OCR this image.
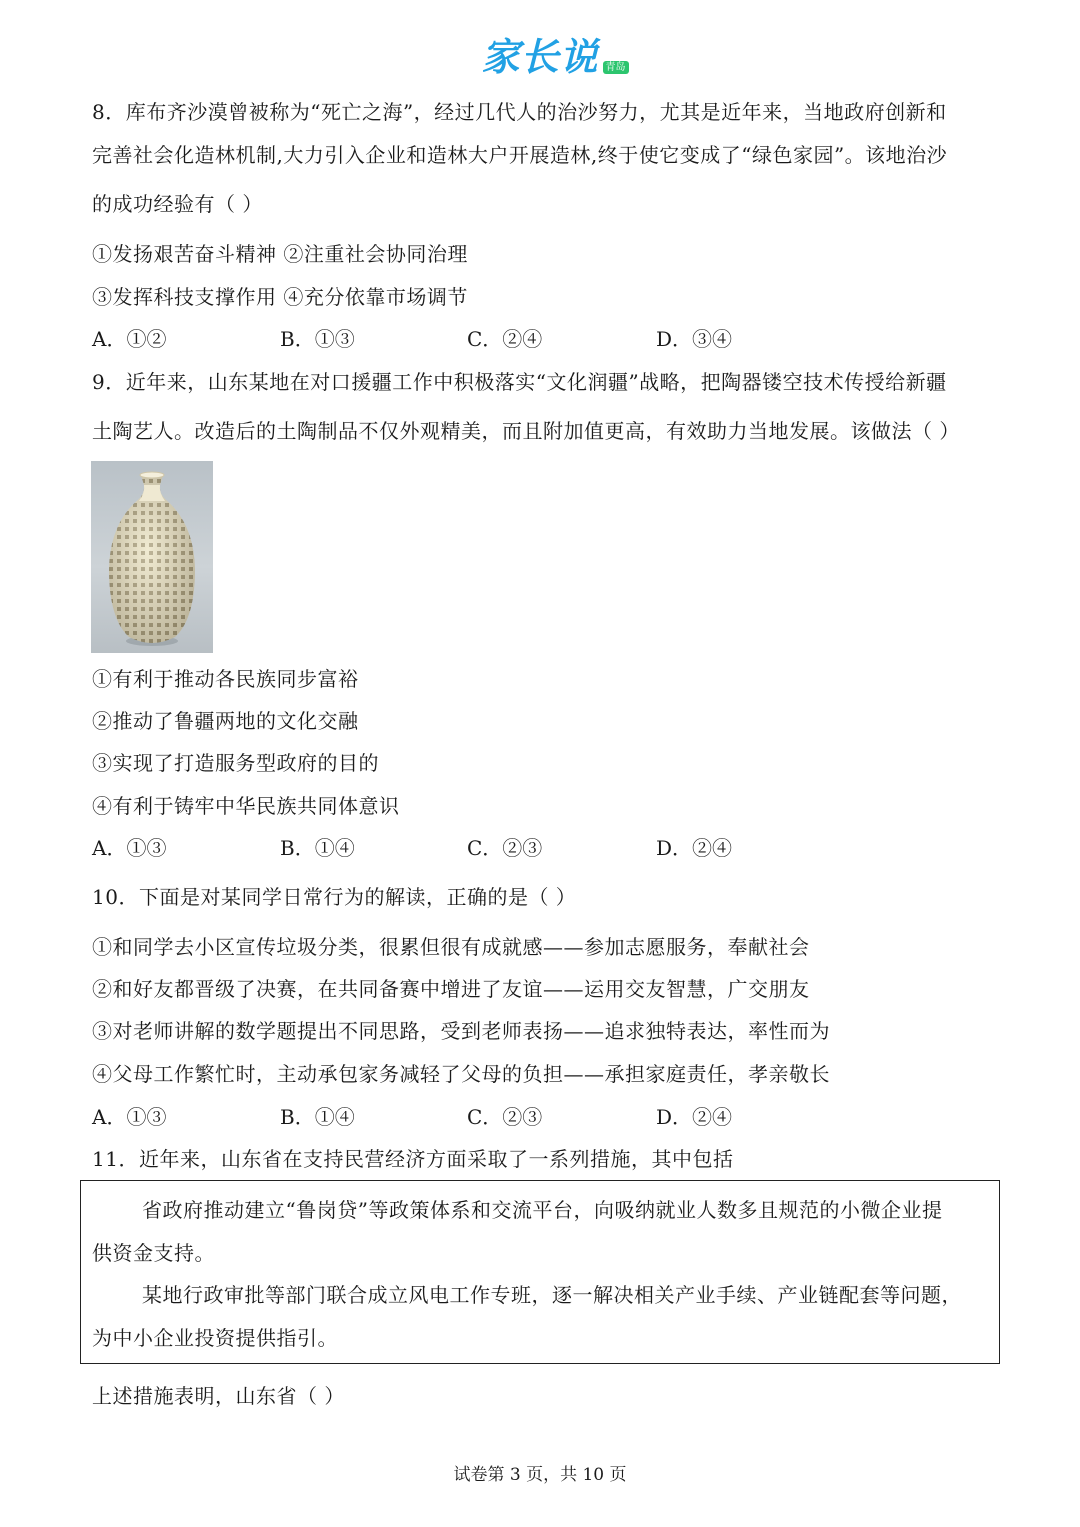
家长说 青岛
8．库布齐沙漠曾被称为“死亡之海”，经过几代人的治沙努力，尤其是近年来，当地政府创新和
完善社会化造林机制,大力引入企业和造林大户开展造林,终于使它变成了“绿色家园”。该地治沙
的成功经验有（ ）
①发扬艰苦奋斗精神 ②注重社会协同治理
③发挥科技支撑作用 ④充分依靠市场调节
A．①②	B．①③	C．②④	D．③④
9．近年来，山东某地在对口援疆工作中积极落实“文化润疆”战略，把陶器镂空技术传授给新疆
土陶艺人。改造后的土陶制品不仅外观精美，而且附加值更高，有效助力当地发展。该做法（ ）
①有利于推动各民族同步富裕
②推动了鲁疆两地的文化交融
③实现了打造服务型政府的目的
④有利于铸牢中华民族共同体意识
A．①③	B．①④	C．②③	D．②④
10．下面是对某同学日常行为的解读，正确的是（ ）
①和同学去小区宣传垃圾分类，很累但很有成就感——参加志愿服务，奉献社会
②和好友都晋级了决赛，在共同备赛中增进了友谊——运用交友智慧，广交朋友
③对老师讲解的数学题提出不同思路，受到老师表扬——追求独特表达，率性而为
④父母工作繁忙时，主动承包家务减轻了父母的负担——承担家庭责任，孝亲敬长
A．①③	B．①④	C．②③	D．②④
11．近年来，山东省在支持民营经济方面采取了一系列措施，其中包括
省政府推动建立“鲁岗贷”等政策体系和交流平台，向吸纳就业人数多且规范的小微企业提
供资金支持。
某地行政审批等部门联合成立风电工作专班，逐一解决相关产业手续、产业链配套等问题，
为中小企业投资提供指引。
上述措施表明，山东省（ ）
试卷第 3 页，共 10 页
